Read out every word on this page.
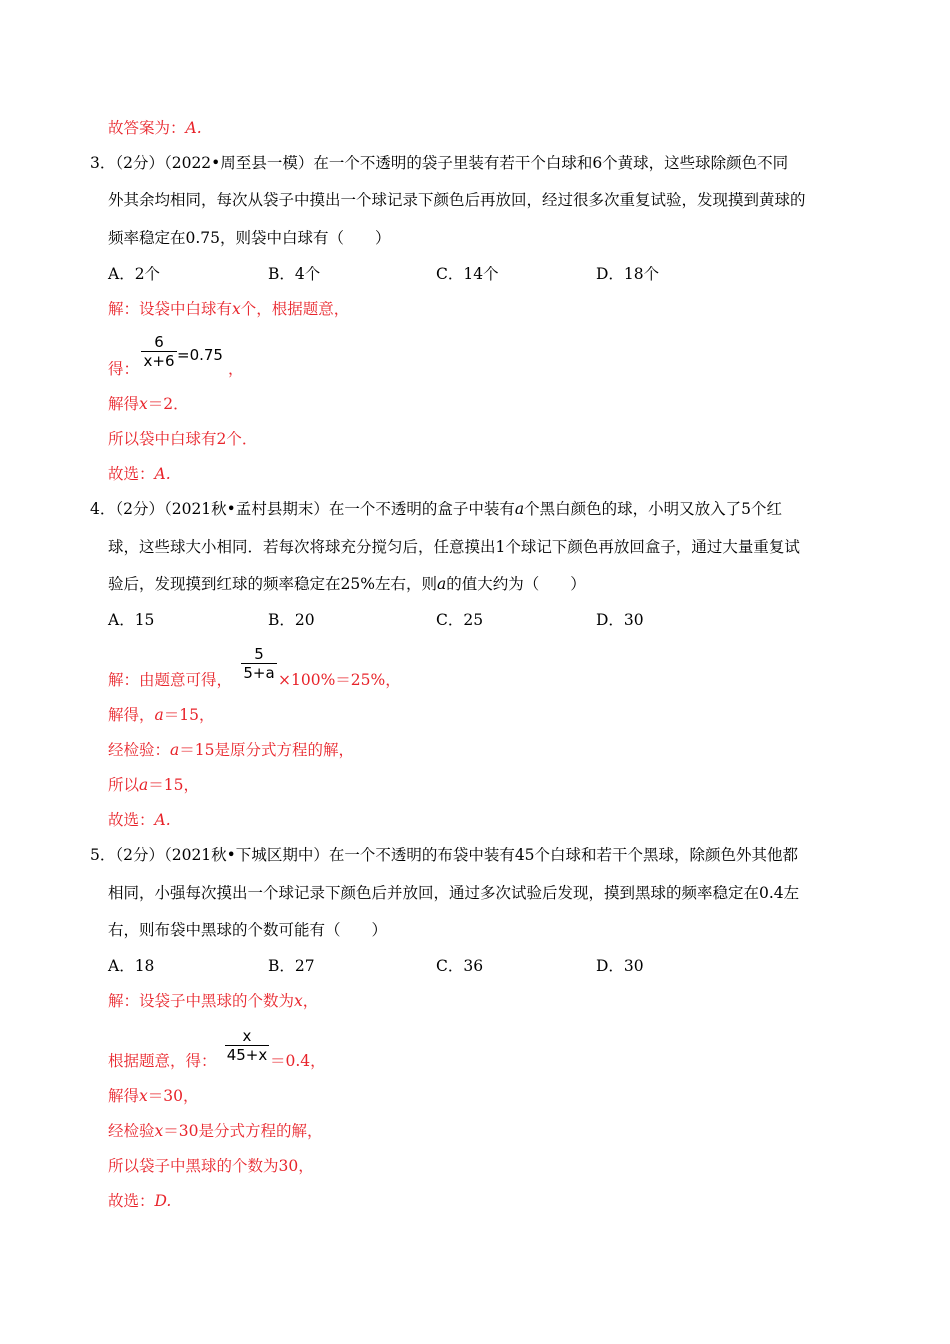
故答案为：A.
3．（2分）（2022•周至县一模）在一个不透明的袋子里装有若干个白球和6个黄球，这些球除颜色不同
外其余均相同，每次从袋子中摸出一个球记录下颜色后再放回，经过很多次重复试验，发现摸到黄球的
频率稳定在0.75，则袋中白球有（　　）
A．2个	B．4个	C．14个	D．18个
解：设袋中白球有x个，根据题意，
得：
6
x+6 =0.75
，
解得x＝2．
所以袋中白球有2个．
故选：A.
4．（2分）（2021秋•孟村县期末）在一个不透明的盒子中装有a个黑白颜色的球，小明又放入了5个红
球，这些球大小相同．若每次将球充分搅匀后，任意摸出1个球记下颜色再放回盒子，通过大量重复试
验后，发现摸到红球的频率稳定在25%左右，则a的值大约为（　　）
A．15	B．20	C．25	D．30
解：由题意可得，
5
5+a ×100%＝25%，
解得，a＝15，
经检验：a＝15是原分式方程的解，
所以a＝15，
故选：A.
5．（2分）（2021秋•下城区期中）在一个不透明的布袋中装有45个白球和若干个黑球，除颜色外其他都
相同，小强每次摸出一个球记录下颜色后并放回，通过多次试验后发现，摸到黑球的频率稳定在0.4左
右，则布袋中黑球的个数可能有（　　）
A．18	B．27	C．36	D．30
解：设袋子中黑球的个数为x，
根据题意，得：
x
45+x ＝0.4，
解得x＝30，
经检验x＝30是分式方程的解，
所以袋子中黑球的个数为30，
故选：D.
